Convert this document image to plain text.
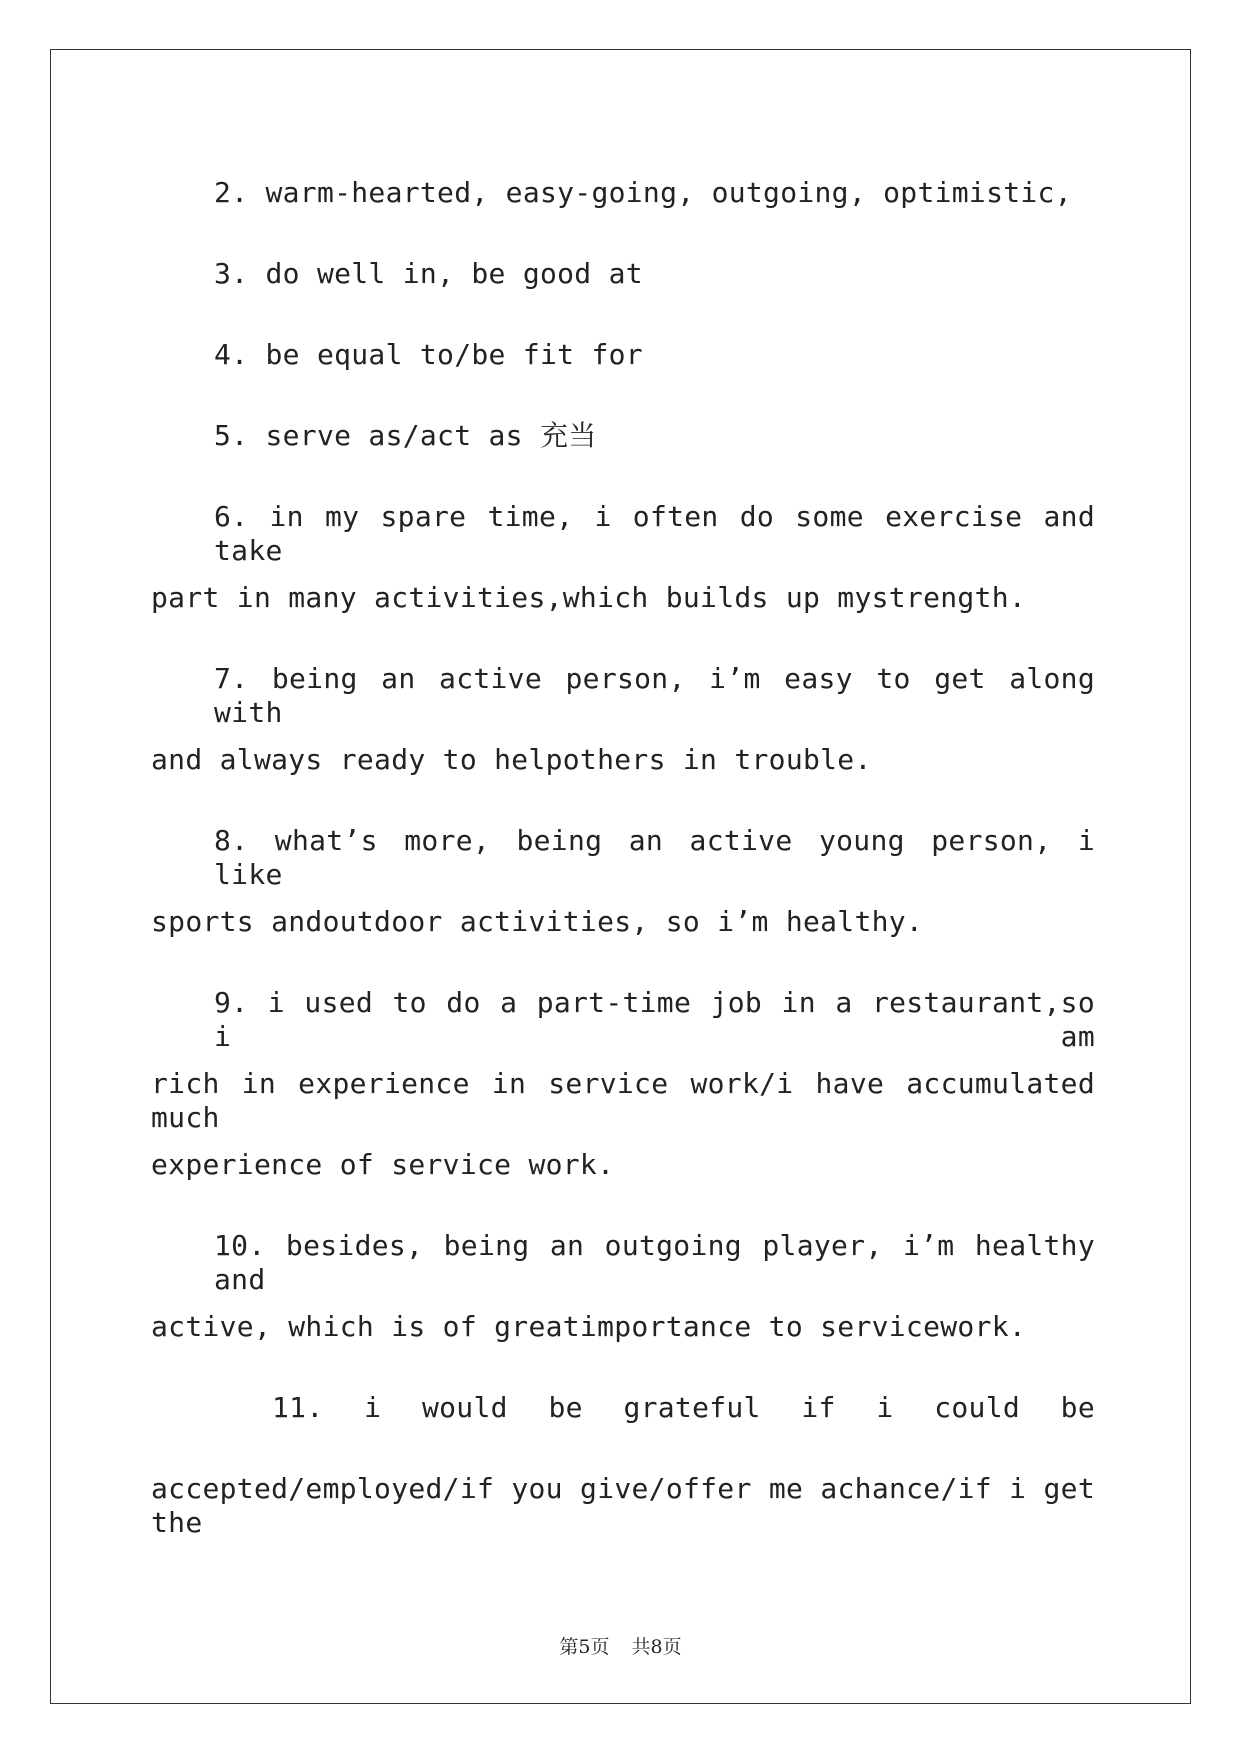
2. warm-hearted, easy-going, outgoing, optimistic,
3. do well in, be good at
4. be equal to/be fit for
5. serve as/act as 充当
6. in my spare time, i often do some exercise and take
part in many activities,which builds up mystrength.
7. being an active person, i’m easy to get along with
and always ready to helpothers in trouble.
8. what’s more, being an active young person, i like
sports andoutdoor activities, so i’m healthy.
9. i used to do a part-time job in a restaurant,so i am
rich in experience in service work/i have accumulated much
experience of service work.
10. besides, being an outgoing player, i’m healthy and
active, which is of greatimportance to servicework.
11. i would be grateful if i could be
accepted/employed/if you give/offer me achance/if i get the
第5页 共8页
